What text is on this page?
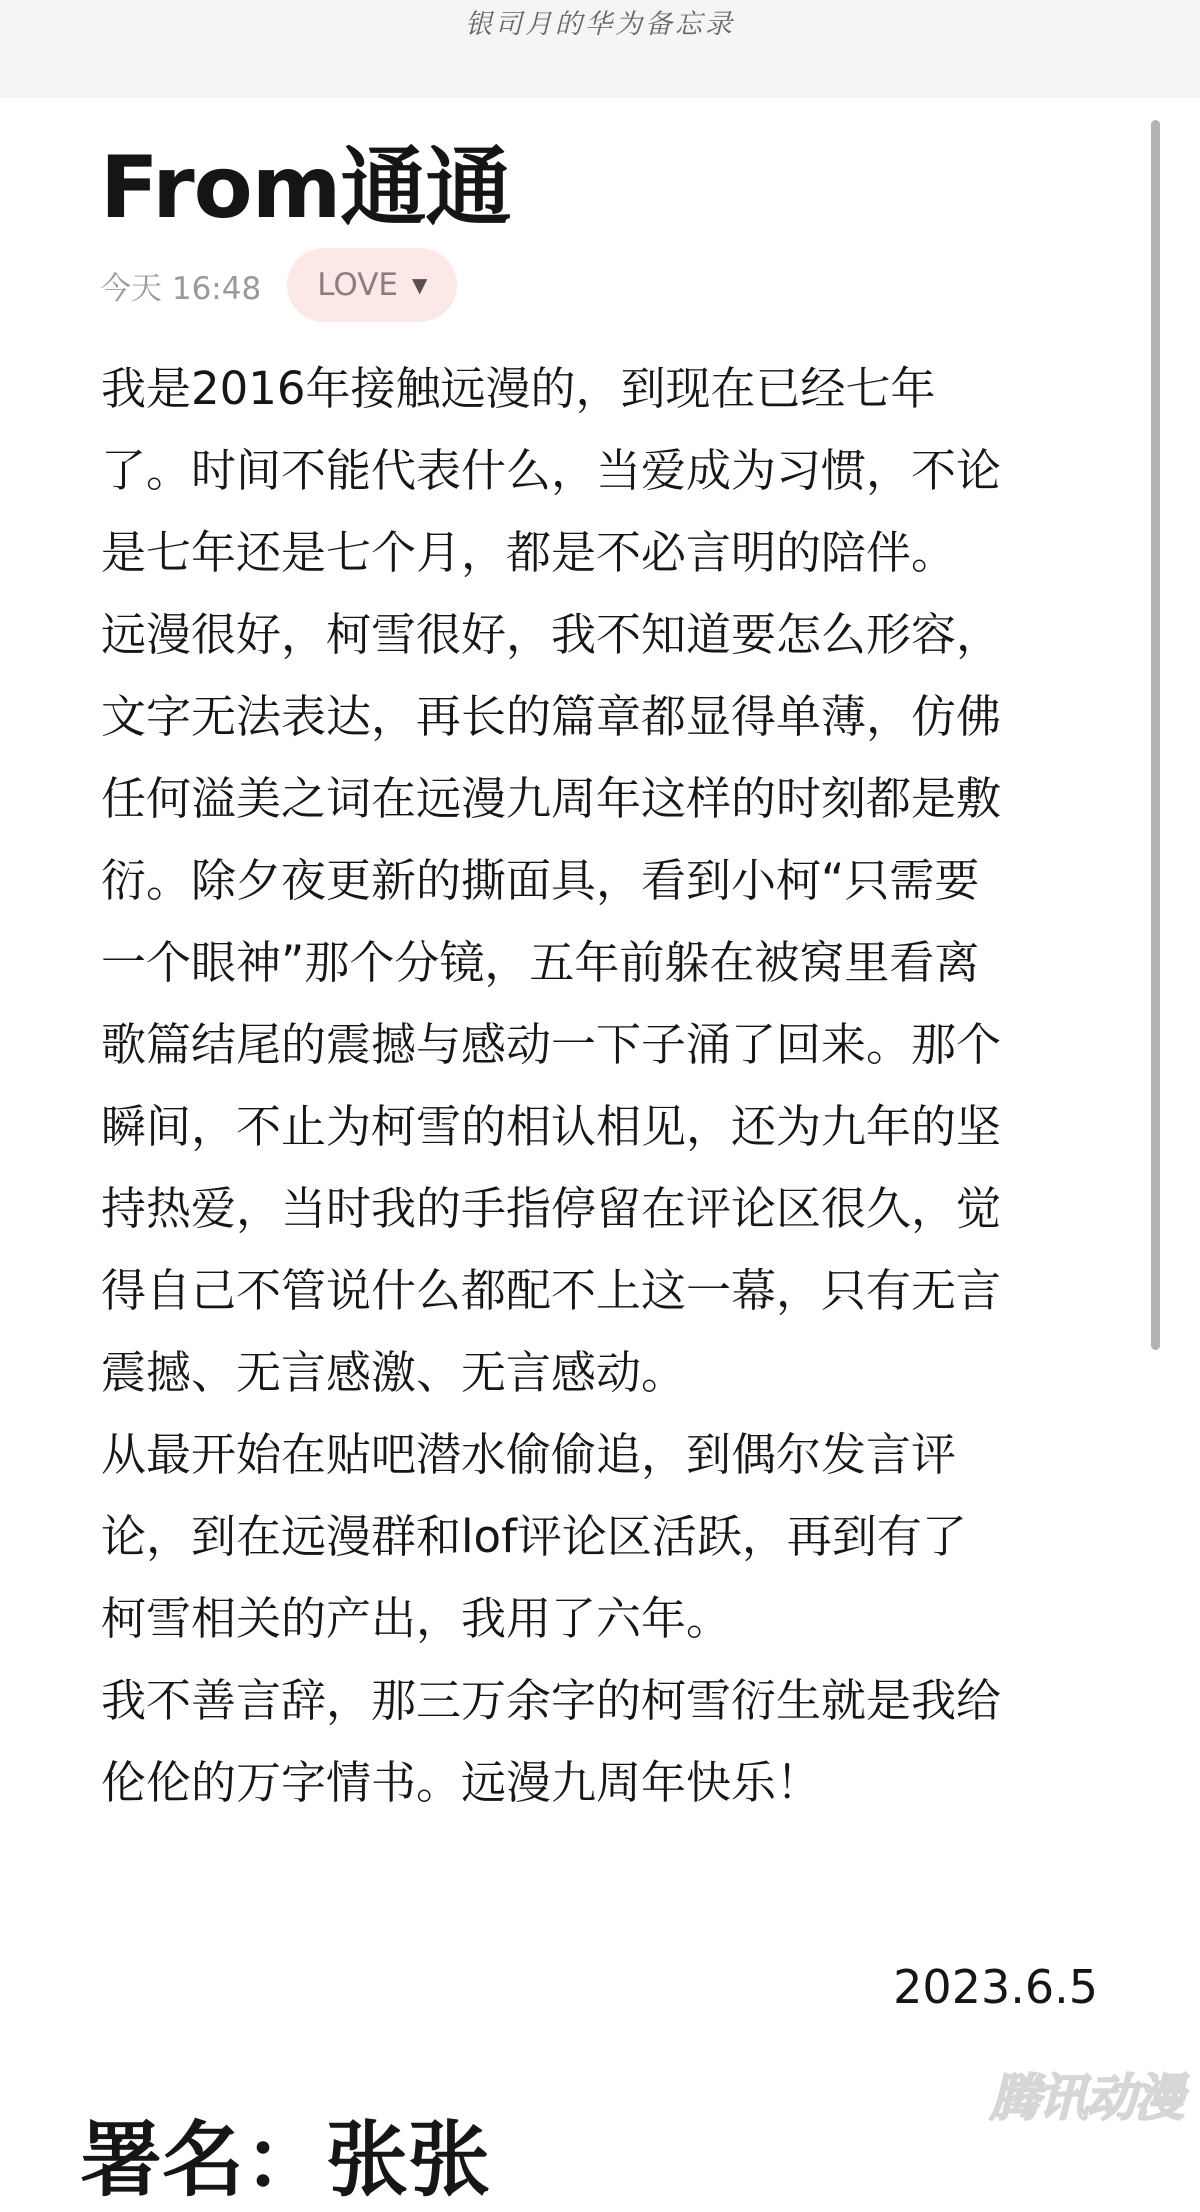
银司月的华为备忘录
From通通
今天 16:48 LOVE ▼
我是2016年接触远漫的，到现在已经七年
了。时间不能代表什么，当爱成为习惯，不论
是七年还是七个月，都是不必言明的陪伴。
远漫很好，柯雪很好，我不知道要怎么形容，
文字无法表达，再长的篇章都显得单薄，仿佛
任何溢美之词在远漫九周年这样的时刻都是敷
衍。除夕夜更新的撕面具，看到小柯“只需要
一个眼神”那个分镜，五年前躲在被窝里看离
歌篇结尾的震撼与感动一下子涌了回来。那个
瞬间，不止为柯雪的相认相见，还为九年的坚
持热爱，当时我的手指停留在评论区很久，觉
得自己不管说什么都配不上这一幕，只有无言
震撼、无言感激、无言感动。
从最开始在贴吧潜水偷偷追，到偶尔发言评
论，到在远漫群和lof评论区活跃，再到有了
柯雪相关的产出，我用了六年。
我不善言辞，那三万余字的柯雪衍生就是我给
伦伦的万字情书。远漫九周年快乐！
2023.6.5
署名：张张
腾讯动漫
